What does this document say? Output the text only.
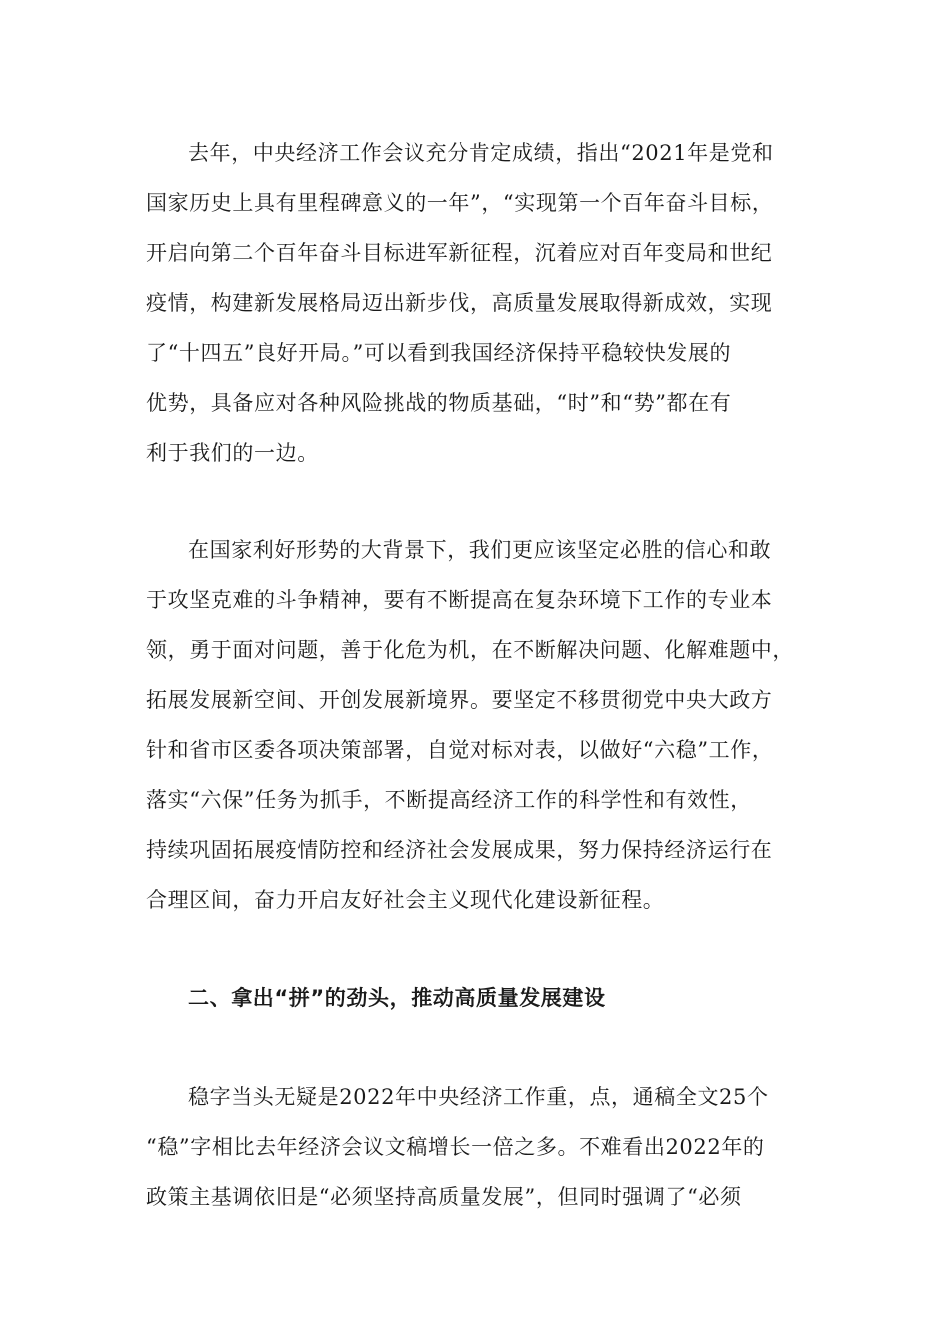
去年，中央经济工作会议充分肯定成绩，指出“2021年是党和
国家历史上具有里程碑意义的一年”，“实现第一个百年奋斗目标，
开启向第二个百年奋斗目标进军新征程，沉着应对百年变局和世纪
疫情，构建新发展格局迈出新步伐，高质量发展取得新成效，实现
了“十四五”良好开局。”可以看到我国经济保持平稳较快发展的
优势，具备应对各种风险挑战的物质基础，“时”和“势”都在有
利于我们的一边。
在国家利好形势的大背景下，我们更应该坚定必胜的信心和敢
于攻坚克难的斗争精神，要有不断提高在复杂环境下工作的专业本
领，勇于面对问题，善于化危为机，在不断解决问题、化解难题中，
拓展发展新空间、开创发展新境界。要坚定不移贯彻党中央大政方
针和省市区委各项决策部署，自觉对标对表，以做好“六稳”工作，
落实“六保”任务为抓手，不断提高经济工作的科学性和有效性，
持续巩固拓展疫情防控和经济社会发展成果，努力保持经济运行在
合理区间，奋力开启友好社会主义现代化建设新征程。
二、拿出“拼”的劲头，推动高质量发展建设
稳字当头无疑是2022年中央经济工作重，点，通稿全文25个
“稳”字相比去年经济会议文稿增长一倍之多。不难看出2022年的
政策主基调依旧是“必须坚持高质量发展”，但同时强调了“必须
